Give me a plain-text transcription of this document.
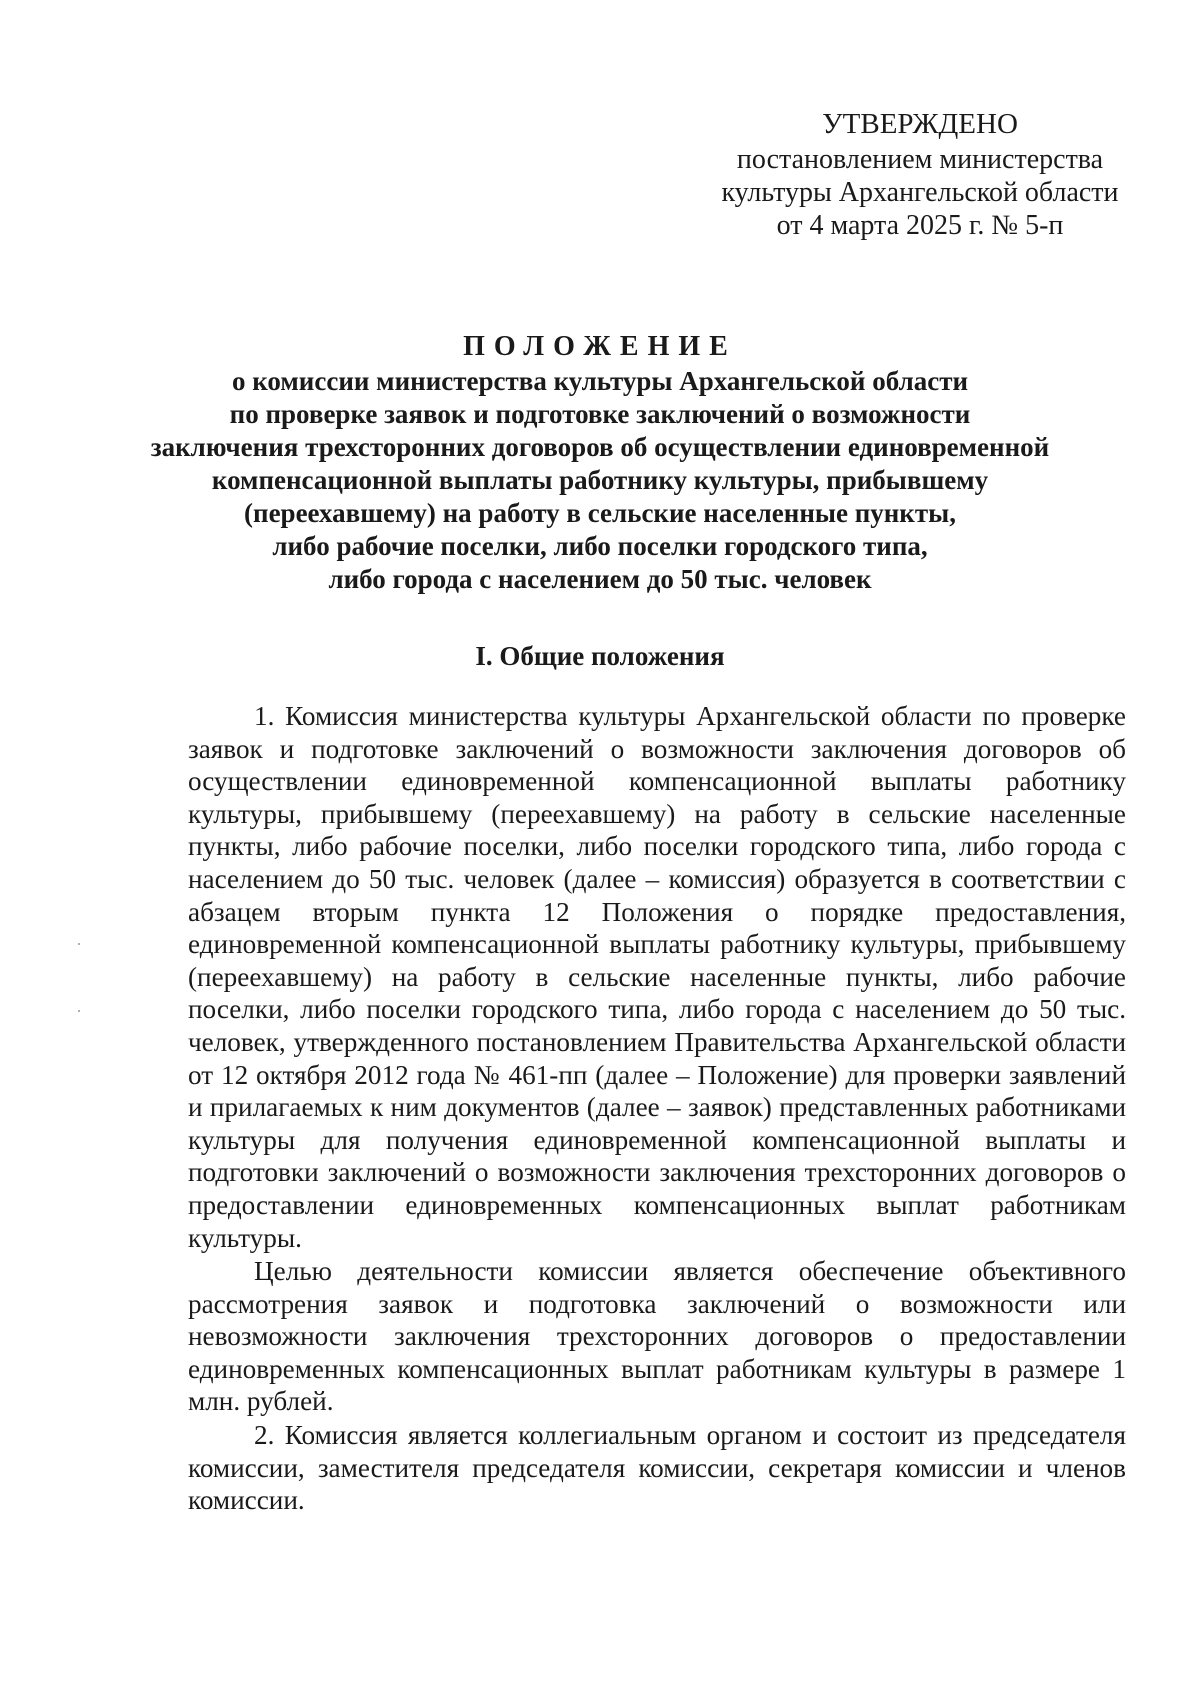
УТВЕРЖДЕНО
постановлением министерства
культуры Архангельской области
от 4 марта 2025 г. № 5-п
ПОЛОЖЕНИЕ
о комиссии министерства культуры Архангельской области
по проверке заявок и подготовке заключений о возможности
заключения трехсторонних договоров об осуществлении единовременной
компенсационной выплаты работнику культуры, прибывшему
(переехавшему) на работу в сельские населенные пункты,
либо рабочие поселки, либо поселки городского типа,
либо города с населением до 50 тыс. человек
I. Общие положения

1. Комиссия министерства культуры Архангельской области по проверке заявок и подготовке заключений о возможности заключения договоров об осуществлении единовременной компенсационной выплаты работнику культуры, прибывшему (переехавшему) на работу в сельские населенные пункты, либо рабочие поселки, либо поселки городского типа, либо города с населением до 50 тыс. человек (далее – комиссия) образуется в соответствии с абзацем вторым пункта 12 Положения о порядке предоставления, единовременной компенсационной выплаты работнику культуры, прибывшему (переехавшему) на работу в сельские населенные пункты, либо рабочие поселки, либо поселки городского типа, либо города с населением до 50 тыс. человек, утвержденного постановлением Правительства Архангельской области от 12 октября 2012 года № 461-пп (далее – Положение) для проверки заявлений и прилагаемых к ним документов (далее – заявок) представленных работниками культуры для получения единовременной компенсационной выплаты и подготовки заключений о возможности заключения трехсторонних договоров о предоставлении единовременных компенсационных выплат работникам культуры.

Целью деятельности комиссии является обеспечение объективного рассмотрения заявок и подготовка заключений о возможности или невозможности заключения трехсторонних договоров о предоставлении единовременных компенсационных выплат работникам культуры в размере 1 млн. рублей.

2. Комиссия является коллегиальным органом и состоит из председателя комиссии, заместителя председателя комиссии, секретаря комиссии и членов комиссии.
